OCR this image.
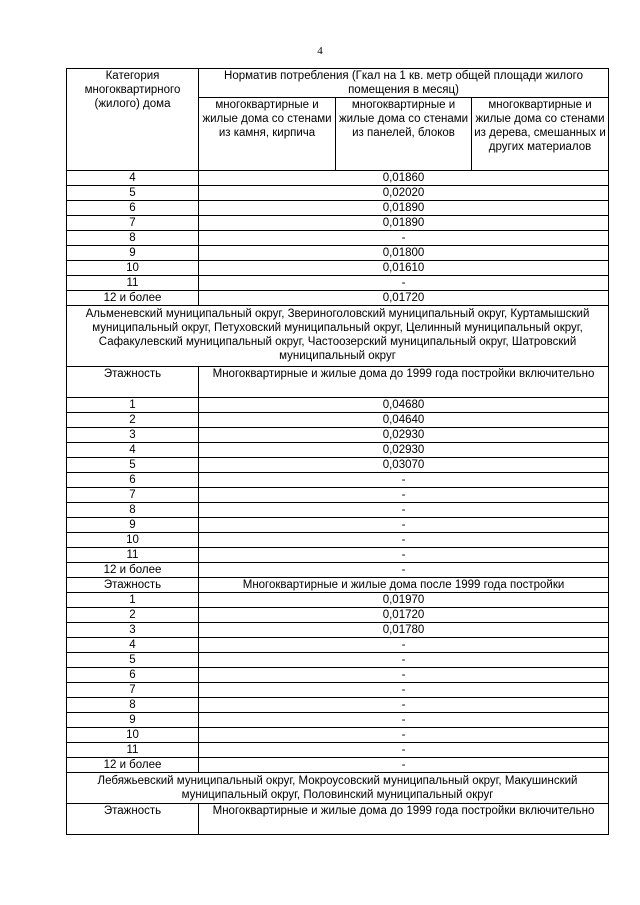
4
Категория многоквартирного (жилого) дома	Норматив потребления (Гкал на 1 кв. метр общей площади жилого помещения в месяц)		
	многоквартирные и жилые дома со стенами из камня, кирпича	многоквартирные и жилые дома со стенами из панелей, блоков	многоквартирные и жилые дома со стенами из дерева, смешанных и других материалов
4	0,01860		
5	0,02020		
6	0,01890		
7	0,01890		
8	-		
9	0,01800		
10	0,01610		
11	-		
12 и более	0,01720		
Альменевский муниципальный округ, Звериноголовский муниципальный округ, Куртамышский муниципальный округ, Петуховский муниципальный округ, Целинный муниципальный округ, Сафакулевский муниципальный округ, Частоозерский муниципальный округ, Шатровский муниципальный округ			
Этажность	Многоквартирные и жилые дома до 1999 года постройки включительно		
1	0,04680		
2	0,04640		
3	0,02930		
4	0,02930		
5	0,03070		
6	-		
7	-		
8	-		
9	-		
10	-		
11	-		
12 и более	-		
Этажность	Многоквартирные и жилые дома после 1999 года постройки		
1	0,01970		
2	0,01720		
3	0,01780		
4	-		
5	-		
6	-		
7	-		
8	-		
9	-		
10	-		
11	-		
12 и более	-		
Лебяжьевский муниципальный округ, Мокроусовский муниципальный округ, Макушинский муниципальный округ, Половинский муниципальный округ			
Этажность	Многоквартирные и жилые дома до 1999 года постройки включительно		
